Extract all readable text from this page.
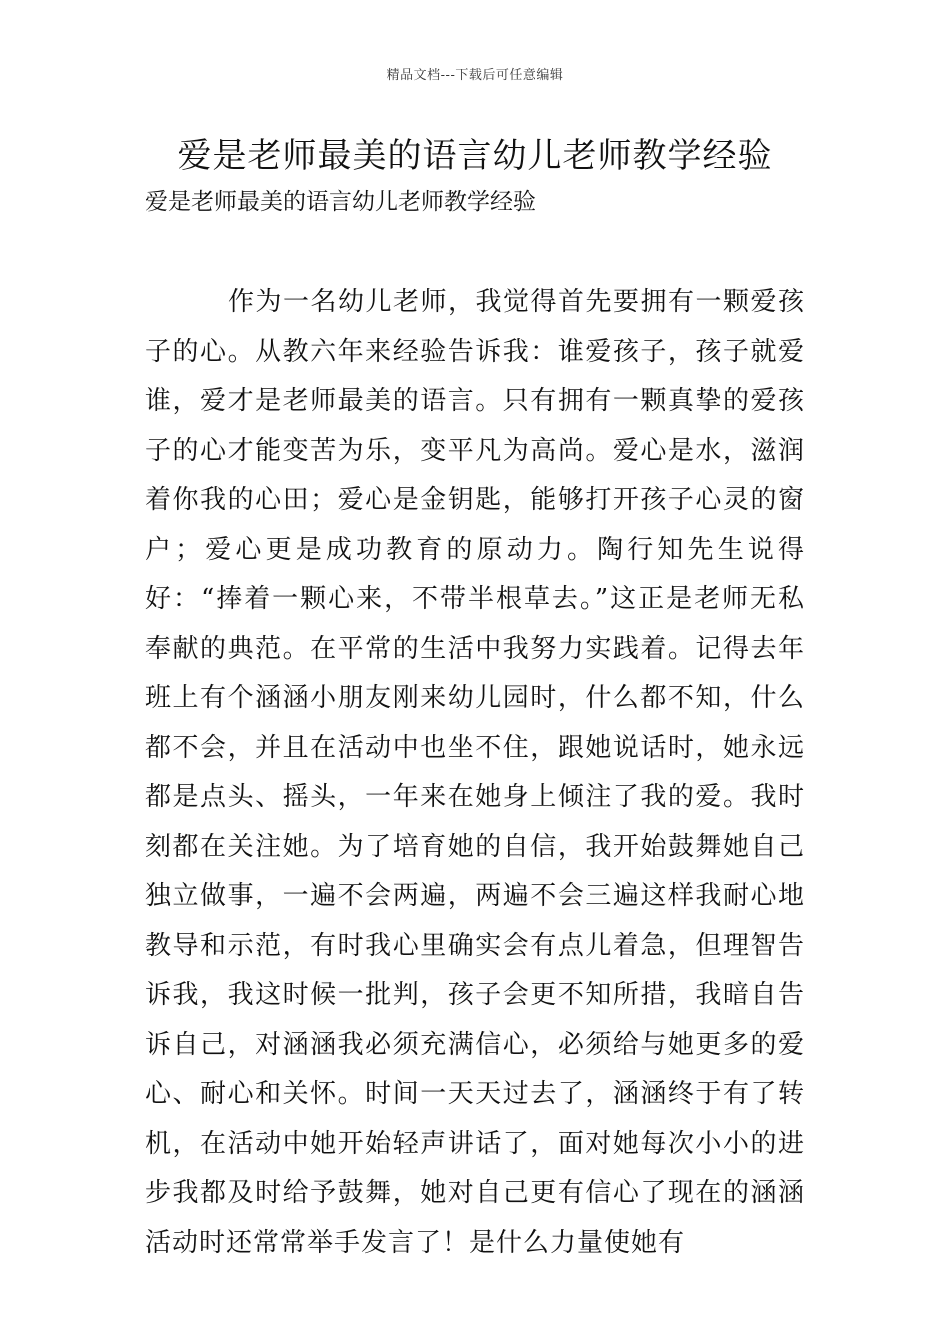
精品文档---下载后可任意编辑
爱是老师最美的语言幼儿老师教学经验

爱是老师最美的语言幼儿老师教学经验

作为一名幼儿老师，我觉得首先要拥有一颗爱孩子的心。从教六年来经验告诉我：谁爱孩子，孩子就爱谁，爱才是老师最美的语言。只有拥有一颗真挚的爱孩子的心才能变苦为乐，变平凡为高尚。爱心是水，滋润着你我的心田；爱心是金钥匙，能够打开孩子心灵的窗户；爱心更是成功教育的原动力。陶行知先生说得好：“捧着一颗心来，不带半根草去。”这正是老师无私奉献的典范。在平常的生活中我努力实践着。记得去年班上有个涵涵小朋友刚来幼儿园时，什么都不知，什么都不会，并且在活动中也坐不住，跟她说话时，她永远都是点头、摇头，一年来在她身上倾注了我的爱。我时刻都在关注她。为了培育她的自信，我开始鼓舞她自己独立做事，一遍不会两遍，两遍不会三遍这样我耐心地教导和示范，有时我心里确实会有点儿着急，但理智告诉我，我这时候一批判，孩子会更不知所措，我暗自告诉自己，对涵涵我必须充满信心，必须给与她更多的爱心、耐心和关怀。时间一天天过去了，涵涵终于有了转机，在活动中她开始轻声讲话了，面对她每次小小的进步我都及时给予鼓舞，她对自己更有信心了现在的涵涵活动时还常常举手发言了！是什么力量使她有
